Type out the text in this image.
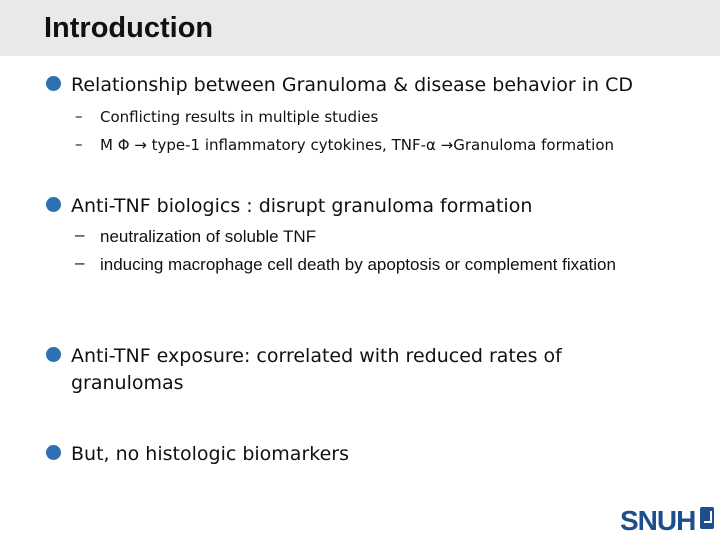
Introduction
Relationship between Granuloma & disease behavior in CD
– Conflicting results in multiple studies
– M Φ → type-1 inflammatory cytokines, TNF-α →Granuloma formation
Anti-TNF biologics : disrupt granuloma formation
– neutralization of soluble TNF
– inducing macrophage cell death by apoptosis or complement fixation
Anti-TNF exposure: correlated with reduced rates of granulomas
But, no histologic biomarkers
SNUH
